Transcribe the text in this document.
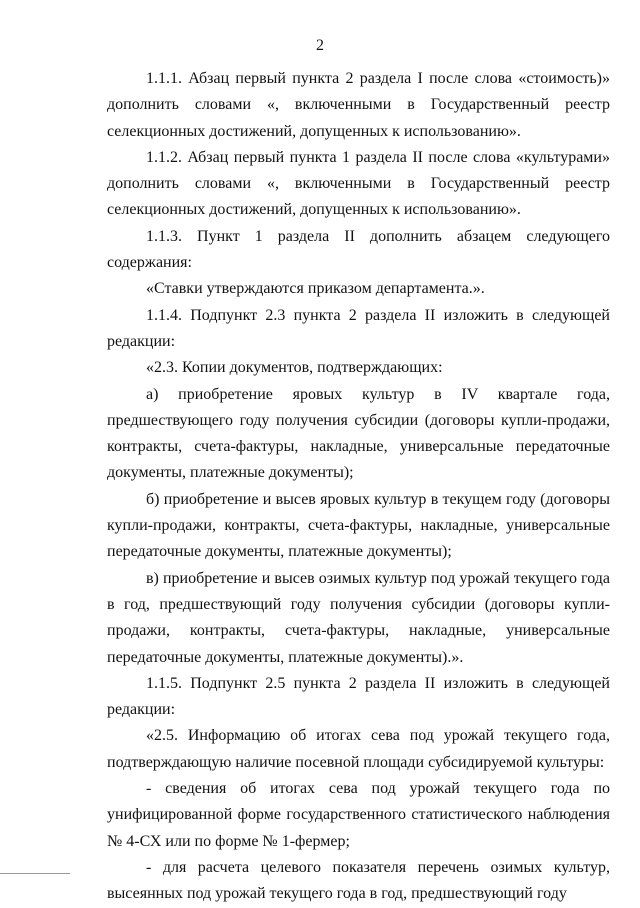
2

1.1.1. Абзац первый пункта 2 раздела I после слова «стоимость)» дополнить словами «, включенными в Государственный реестр селекционных достижений, допущенных к использованию».

1.1.2. Абзац первый пункта 1 раздела II после слова «культурами» дополнить словами «, включенными в Государственный реестр селекционных достижений, допущенных к использованию».

1.1.3. Пункт 1 раздела II дополнить абзацем следующего содержания:

«Ставки утверждаются приказом департамента.».

1.1.4. Подпункт 2.3 пункта 2 раздела II изложить в следующей редакции:

«2.3. Копии документов, подтверждающих:

а) приобретение яровых культур в IV квартале года, предшествующего году получения субсидии (договоры купли-продажи, контракты, счета-фактуры, накладные, универсальные передаточные документы, платежные документы);

б) приобретение и высев яровых культур в текущем году (договоры купли-продажи, контракты, счета-фактуры, накладные, универсальные передаточные документы, платежные документы);

в) приобретение и высев озимых культур под урожай текущего года в год, предшествующий году получения субсидии (договоры купли-продажи, контракты, счета-фактуры, накладные, универсальные передаточные документы, платежные документы).».

1.1.5. Подпункт 2.5 пункта 2 раздела II изложить в следующей редакции:

«2.5. Информацию об итогах сева под урожай текущего года, подтверждающую наличие посевной площади субсидируемой культуры:

- сведения об итогах сева под урожай текущего года по унифицированной форме государственного статистического наблюдения № 4-СХ или по форме № 1-фермер;

- для расчета целевого показателя перечень озимых культур, высеянных под урожай текущего года в год, предшествующий году
